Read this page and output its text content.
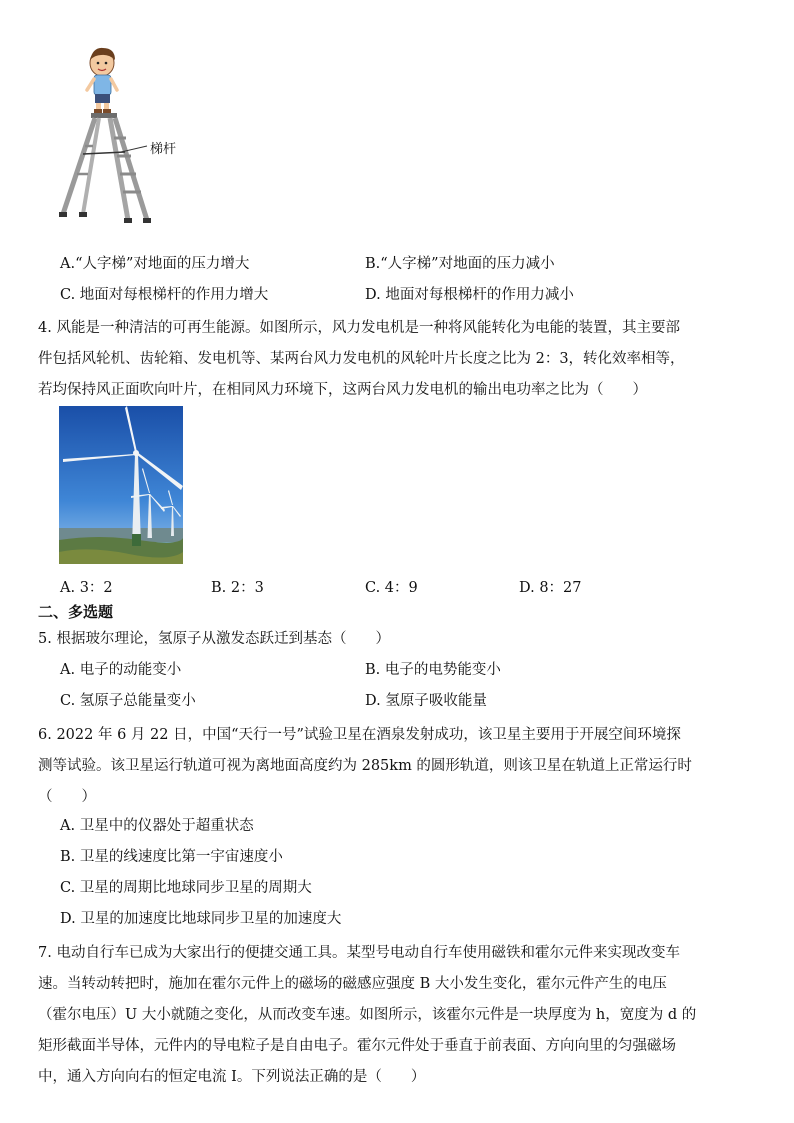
梯杆
A.“人字梯”对地面的压力增大	B.“人字梯”对地面的压力减小
C. 地面对每根梯杆的作用力增大	D. 地面对每根梯杆的作用力减小
4. 风能是一种清洁的可再生能源。如图所示，风力发电机是一种将风能转化为电能的装置，其主要部
件包括风轮机、齿轮箱、发电机等、某两台风力发电机的风轮叶片长度之比为 2：3，转化效率相等，
若均保持风正面吹向叶片，在相同风力环境下，这两台风力发电机的输出电功率之比为（　　）
A. 3：2	B. 2：3	C. 4：9	D. 8：27
二、多选题
5. 根据玻尔理论，氢原子从激发态跃迁到基态（　　）
A. 电子的动能变小	B. 电子的电势能变小
C. 氢原子总能量变小	D. 氢原子吸收能量
6. 2022 年 6 月 22 日，中国“天行一号”试验卫星在酒泉发射成功，该卫星主要用于开展空间环境探
测等试验。该卫星运行轨道可视为离地面高度约为 285km 的圆形轨道，则该卫星在轨道上正常运行时
（　　）
A. 卫星中的仪器处于超重状态
B. 卫星的线速度比第一宇宙速度小
C. 卫星的周期比地球同步卫星的周期大
D. 卫星的加速度比地球同步卫星的加速度大
7. 电动自行车已成为大家出行的便捷交通工具。某型号电动自行车使用磁铁和霍尔元件来实现改变车
速。当转动转把时，施加在霍尔元件上的磁场的磁感应强度 B 大小发生变化，霍尔元件产生的电压
（霍尔电压）U 大小就随之变化，从而改变车速。如图所示，该霍尔元件是一块厚度为 h，宽度为 d 的
矩形截面半导体，元件内的导电粒子是自由电子。霍尔元件处于垂直于前表面、方向向里的匀强磁场
中，通入方向向右的恒定电流 I。下列说法正确的是（　　）
